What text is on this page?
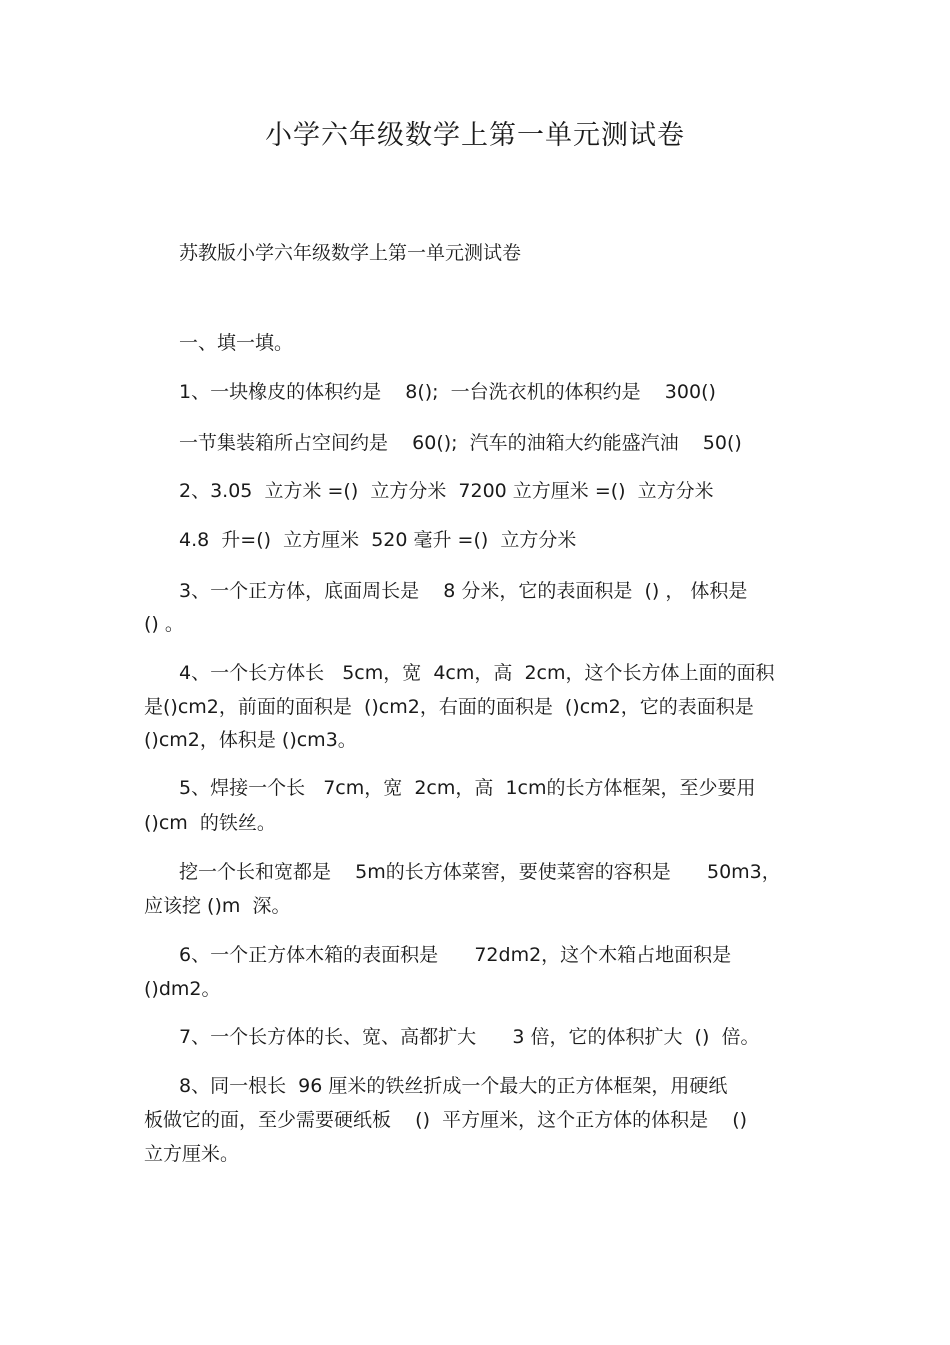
小学六年级数学上第一单元测试卷
苏教版小学六年级数学上第一单元测试卷
一、填一填。
1、一块橡皮的体积约是    8();  一台洗衣机的体积约是    300()
一节集装箱所占空间约是    60();  汽车的油箱大约能盛汽油    50()
2、3.05  立方米 =()  立方分米  7200 立方厘米 =()  立方分米
4.8  升=()  立方厘米  520 毫升 =()  立方分米
3、一个正方体，底面周长是    8 分米，它的表面积是  () ， 体积是
() 。
4、一个长方体长   5cm，宽  4cm，高  2cm，这个长方体上面的面积
是()cm2，前面的面积是  ()cm2，右面的面积是  ()cm2，它的表面积是
()cm2，体积是 ()cm3。
5、焊接一个长   7cm，宽  2cm，高  1cm的长方体框架，至少要用
()cm  的铁丝。
挖一个长和宽都是    5m的长方体菜窖，要使菜窖的容积是      50m3，
应该挖 ()m  深。
6、一个正方体木箱的表面积是      72dm2，这个木箱占地面积是
()dm2。
7、一个长方体的长、宽、高都扩大      3 倍，它的体积扩大  ()  倍。
8、同一根长  96 厘米的铁丝折成一个最大的正方体框架，用硬纸
板做它的面，至少需要硬纸板    ()  平方厘米，这个正方体的体积是    ()
立方厘米。
